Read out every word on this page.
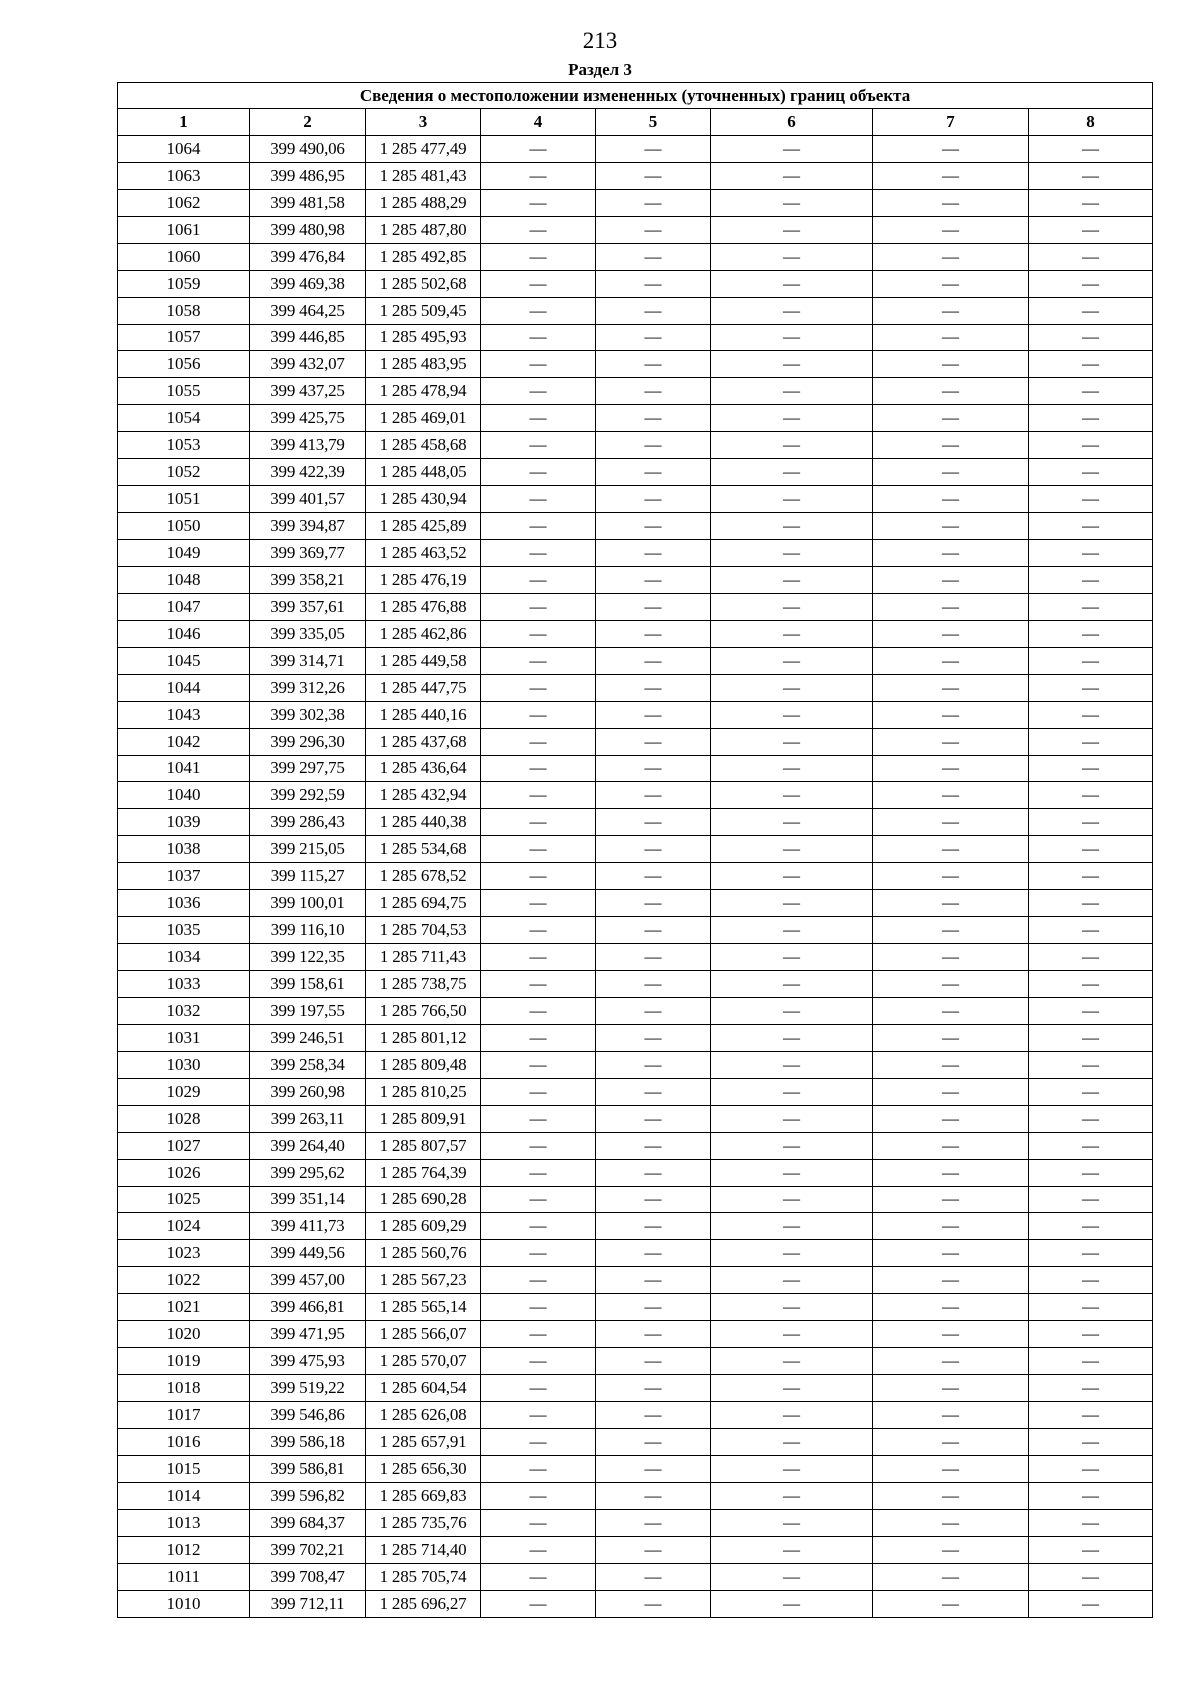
213
Раздел 3
Сведения о местоположении измененных (уточненных) границ объекта							
1	2	3	4	5	6	7	8
1064	399 490,06	1 285 477,49	—	—	—	—	—
1063	399 486,95	1 285 481,43	—	—	—	—	—
1062	399 481,58	1 285 488,29	—	—	—	—	—
1061	399 480,98	1 285 487,80	—	—	—	—	—
1060	399 476,84	1 285 492,85	—	—	—	—	—
1059	399 469,38	1 285 502,68	—	—	—	—	—
1058	399 464,25	1 285 509,45	—	—	—	—	—
1057	399 446,85	1 285 495,93	—	—	—	—	—
1056	399 432,07	1 285 483,95	—	—	—	—	—
1055	399 437,25	1 285 478,94	—	—	—	—	—
1054	399 425,75	1 285 469,01	—	—	—	—	—
1053	399 413,79	1 285 458,68	—	—	—	—	—
1052	399 422,39	1 285 448,05	—	—	—	—	—
1051	399 401,57	1 285 430,94	—	—	—	—	—
1050	399 394,87	1 285 425,89	—	—	—	—	—
1049	399 369,77	1 285 463,52	—	—	—	—	—
1048	399 358,21	1 285 476,19	—	—	—	—	—
1047	399 357,61	1 285 476,88	—	—	—	—	—
1046	399 335,05	1 285 462,86	—	—	—	—	—
1045	399 314,71	1 285 449,58	—	—	—	—	—
1044	399 312,26	1 285 447,75	—	—	—	—	—
1043	399 302,38	1 285 440,16	—	—	—	—	—
1042	399 296,30	1 285 437,68	—	—	—	—	—
1041	399 297,75	1 285 436,64	—	—	—	—	—
1040	399 292,59	1 285 432,94	—	—	—	—	—
1039	399 286,43	1 285 440,38	—	—	—	—	—
1038	399 215,05	1 285 534,68	—	—	—	—	—
1037	399 115,27	1 285 678,52	—	—	—	—	—
1036	399 100,01	1 285 694,75	—	—	—	—	—
1035	399 116,10	1 285 704,53	—	—	—	—	—
1034	399 122,35	1 285 711,43	—	—	—	—	—
1033	399 158,61	1 285 738,75	—	—	—	—	—
1032	399 197,55	1 285 766,50	—	—	—	—	—
1031	399 246,51	1 285 801,12	—	—	—	—	—
1030	399 258,34	1 285 809,48	—	—	—	—	—
1029	399 260,98	1 285 810,25	—	—	—	—	—
1028	399 263,11	1 285 809,91	—	—	—	—	—
1027	399 264,40	1 285 807,57	—	—	—	—	—
1026	399 295,62	1 285 764,39	—	—	—	—	—
1025	399 351,14	1 285 690,28	—	—	—	—	—
1024	399 411,73	1 285 609,29	—	—	—	—	—
1023	399 449,56	1 285 560,76	—	—	—	—	—
1022	399 457,00	1 285 567,23	—	—	—	—	—
1021	399 466,81	1 285 565,14	—	—	—	—	—
1020	399 471,95	1 285 566,07	—	—	—	—	—
1019	399 475,93	1 285 570,07	—	—	—	—	—
1018	399 519,22	1 285 604,54	—	—	—	—	—
1017	399 546,86	1 285 626,08	—	—	—	—	—
1016	399 586,18	1 285 657,91	—	—	—	—	—
1015	399 586,81	1 285 656,30	—	—	—	—	—
1014	399 596,82	1 285 669,83	—	—	—	—	—
1013	399 684,37	1 285 735,76	—	—	—	—	—
1012	399 702,21	1 285 714,40	—	—	—	—	—
1011	399 708,47	1 285 705,74	—	—	—	—	—
1010	399 712,11	1 285 696,27	—	—	—	—	—
